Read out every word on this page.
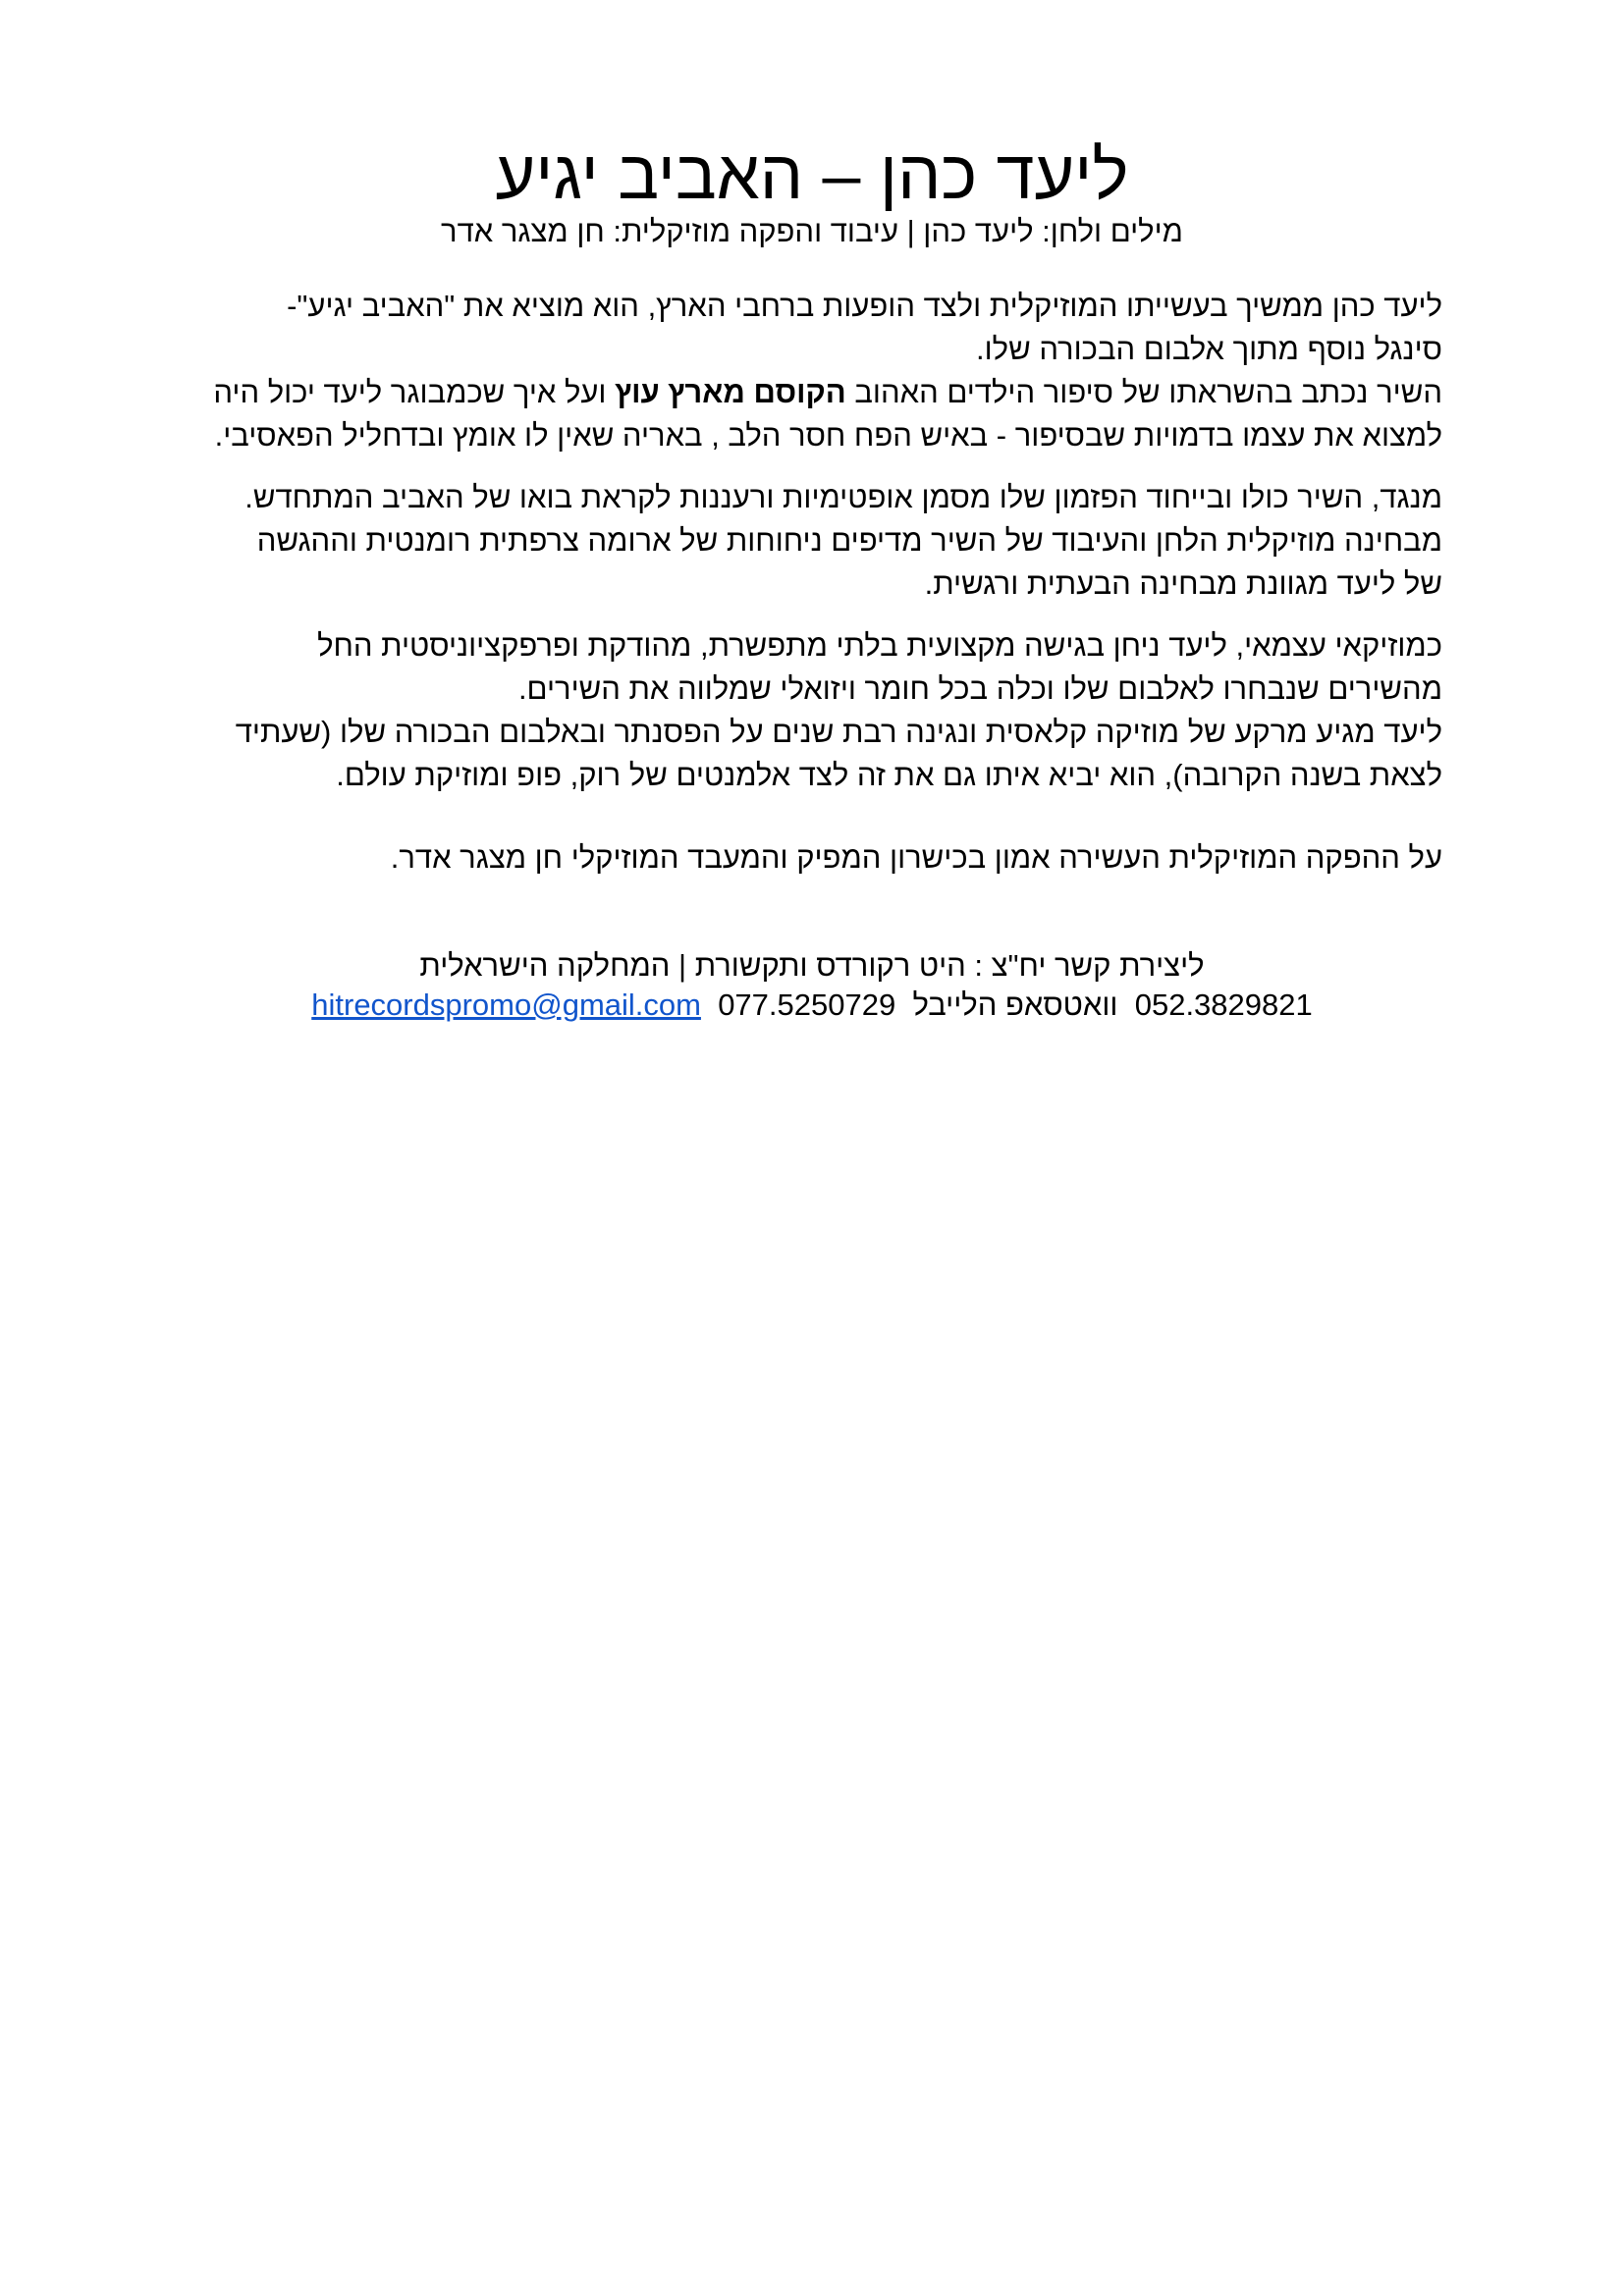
ליעד כהן – האביב יגיע
מילים ולחן: ליעד כהן | עיבוד והפקה מוזיקלית: חן מצגר אדר

ליעד כהן ממשיך בעשייתו המוזיקלית ולצד הופעות ברחבי הארץ, הוא מוציא את "האביב יגיע"-
סינגל נוסף מתוך אלבום הבכורה שלו.
השיר נכתב בהשראתו של סיפור הילדים האהוב הקוסם מארץ עוץ ועל איך שכמבוגר ליעד יכול היה
למצוא את עצמו בדמויות שבסיפור - באיש הפח חסר הלב , באריה שאין לו אומץ ובדחליל הפאסיבי.

מנגד, השיר כולו ובייחוד הפזמון שלו מסמן אופטימיות ורעננות לקראת בואו של האביב המתחדש.
מבחינה מוזיקלית הלחן והעיבוד של השיר מדיפים ניחוחות של ארומה צרפתית רומנטית וההגשה
של ליעד מגוונת מבחינה הבעתית ורגשית.

כמוזיקאי עצמאי, ליעד ניחן בגישה מקצועית בלתי מתפשרת, מהודקת ופרפקציוניסטית החל
מהשירים שנבחרו לאלבום שלו וכלה בכל חומר ויזואלי שמלווה את השירים.
ליעד מגיע מרקע של מוזיקה קלאסית ונגינה רבת שנים על הפסנתר ובאלבום הבכורה שלו (שעתיד
לצאת בשנה הקרובה), הוא יביא איתו גם את זה לצד אלמנטים של רוק, פופ ומוזיקת עולם.

על ההפקה המוזיקלית העשירה אמון בכישרון המפיק והמעבד המוזיקלי חן מצגר אדר.

ליצירת קשר יח"צ : היט רקורדס ותקשורת | המחלקה הישראלית
052.3829821  וואטסאפ הלייבל  hitrecordspromo@gmail.com 077.5250729
